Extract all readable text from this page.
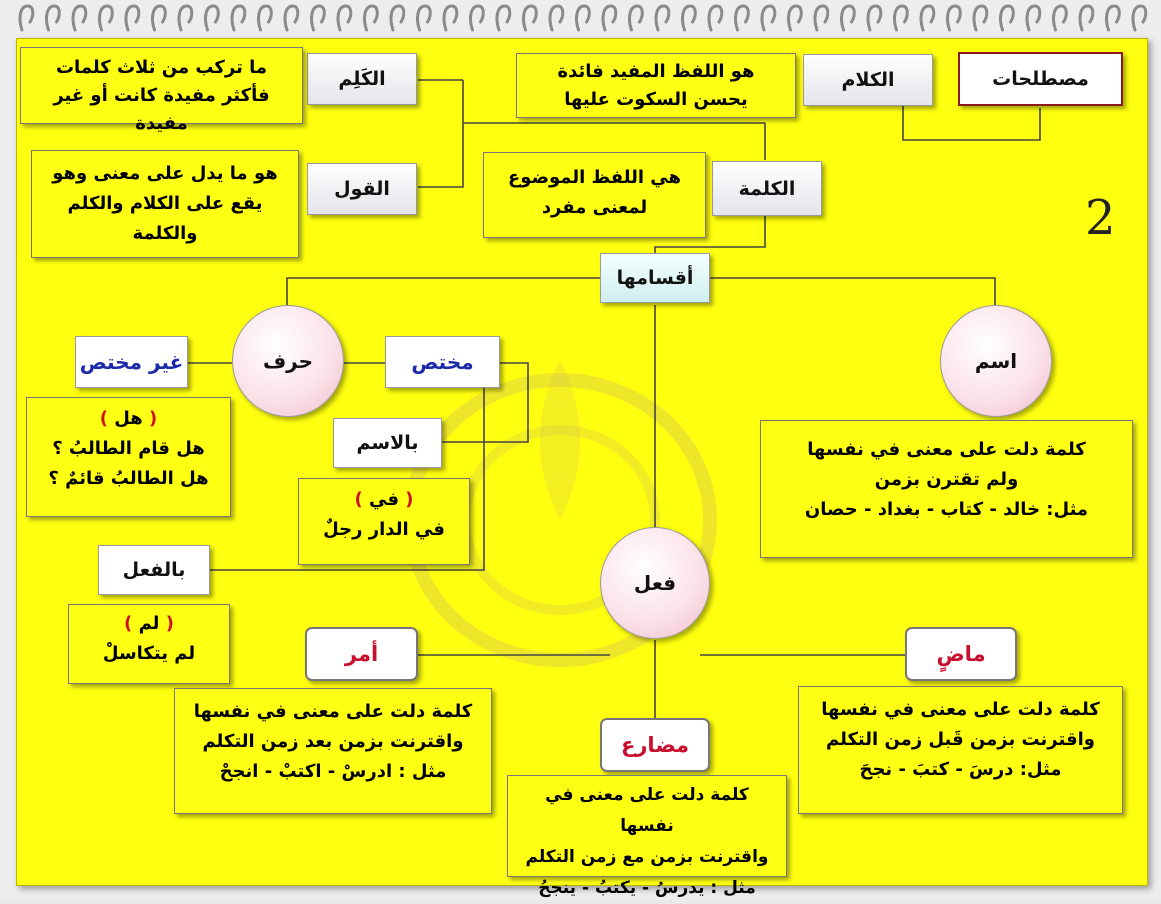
2
مصطلحات
الكلام
هو اللفظ المفيد فائدة يحسن السكوت عليها
الكَلِم
ما تركب من ثلاث كلمات فأكثر مفيدة كانت أو غير مفيدة
القول
هو ما يدل على معنى وهو يقع على الكلام والكلم والكلمة
الكلمة
هي اللفظ الموضوع لمعنى مفرد
أقسامها
اسم
كلمة دلت على معنى في نفسها
ولم تقترن بزمن
مثل: خالد - كتاب - بغداد - حصان
حرف	مختص
غير مختص
( هل )
هل قام الطالبُ ؟
هل الطالبُ قائمٌ ؟
بالاسم
( في )
في الدار رجلٌ
بالفعل
( لم )
لم يتكاسلْ
فعل
ماضٍ
كلمة دلت على معنى في نفسها
واقترنت بزمن قَبل زمن التكلم
مثل: درسَ - كتبَ - نجحَ
أمر
كلمة دلت على معنى في نفسها
واقترنت بزمن بعد زمن التكلم
مثل : ادرسْ - اكتبْ - انجحْ
مضارع
كلمة دلت على معنى في نفسها
واقترنت بزمن مع زمن التكلم
مثل : يدرسُ - يكتبُ - ينجحُ
